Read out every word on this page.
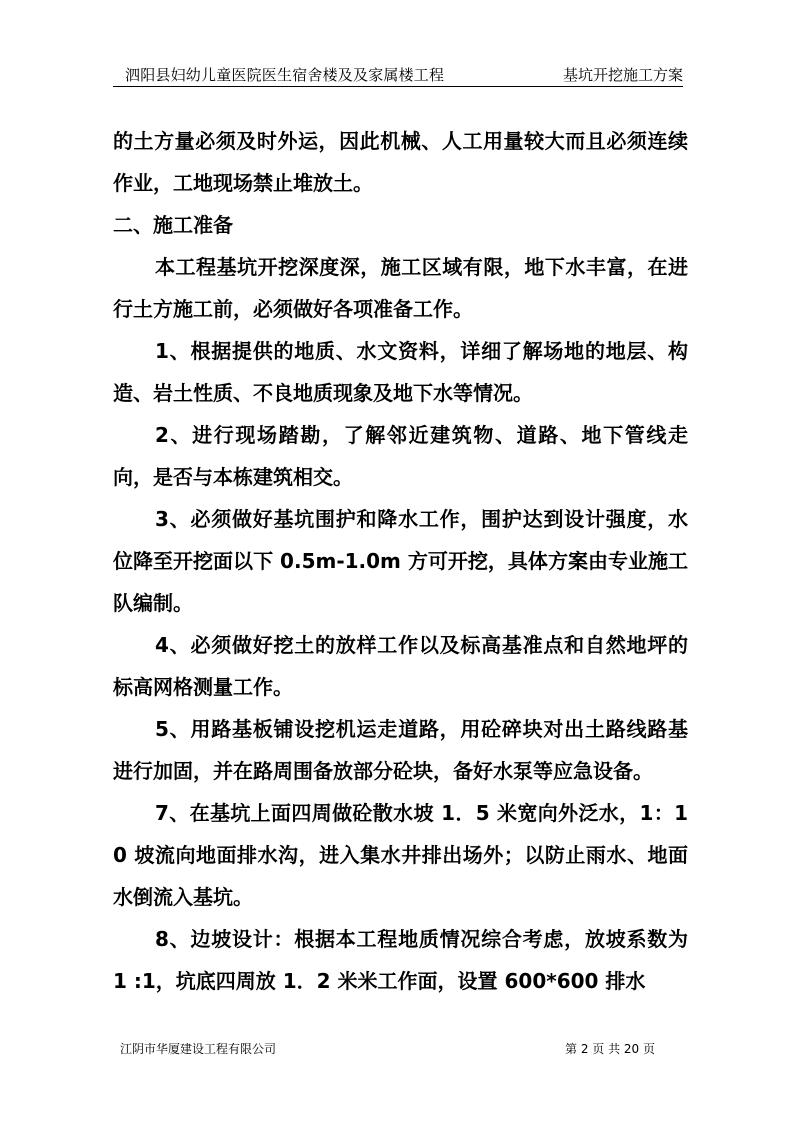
泗阳县妇幼儿童医院医生宿舍楼及及家属楼工程	基坑开挖施工方案

的土方量必须及时外运，因此机械、人工用量较大而且必须连续作业，工地现场禁止堆放土。

二、施工准备

本工程基坑开挖深度深，施工区域有限，地下水丰富，在进行土方施工前，必须做好各项准备工作。

1、根据提供的地质、水文资料，详细了解场地的地层、构造、岩土性质、不良地质现象及地下水等情况。

2、进行现场踏勘，了解邻近建筑物、道路、地下管线走向，是否与本栋建筑相交。

3、必须做好基坑围护和降水工作，围护达到设计强度，水位降至开挖面以下 0.5m-1.0m 方可开挖，具体方案由专业施工队编制。

4、必须做好挖土的放样工作以及标高基准点和自然地坪的标高网格测量工作。

5、用路基板铺设挖机运走道路，用砼碎块对出土路线路基进行加固，并在路周围备放部分砼块，备好水泵等应急设备。

7、在基坑上面四周做砼散水坡 1．5 米宽向外泛水，1：10 坡流向地面排水沟，进入集水井排出场外；以防止雨水、地面水倒流入基坑。

8、边坡设计：根据本工程地质情况综合考虑，放坡系数为 1 :1，坑底四周放 1．2 米米工作面，设置 600*600 排水

江阴市华厦建设工程有限公司	第 2 页 共 20 页
